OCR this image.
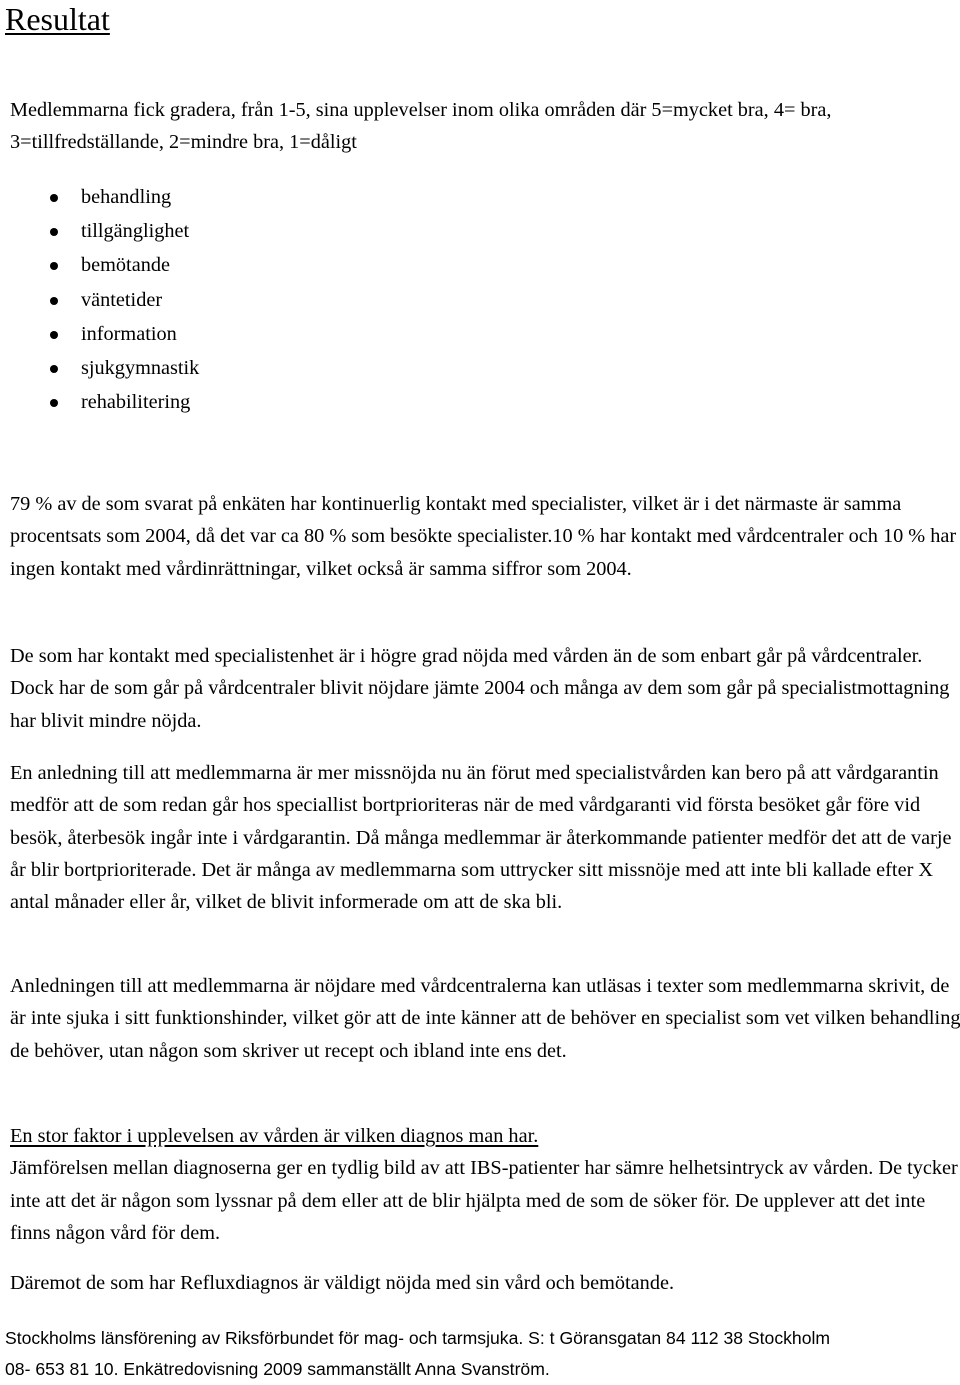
Resultat

Medlemmarna fick gradera, från 1-5, sina upplevelser inom olika områden där 5=mycket bra, 4= bra, 3=tillfredställande, 2=mindre bra, 1=dåligt

behandling
tillgänglighet
bemötande
väntetider
information
sjukgymnastik
rehabilitering

79 % av de som svarat på enkäten har kontinuerlig kontakt med specialister, vilket är i det närmaste är samma procentsats som 2004, då det var ca 80 % som besökte specialister.10 % har kontakt med vårdcentraler och 10 % har ingen kontakt med vårdinrättningar, vilket också är samma siffror som 2004.

De som har kontakt med specialistenhet är i högre grad nöjda med vården än de som enbart går på vårdcentraler. Dock har de som går på vårdcentraler blivit nöjdare jämte 2004 och många av dem som går på specialistmottagning har blivit mindre nöjda.

En anledning till att medlemmarna är mer missnöjda nu än förut med specialistvården kan bero på att vårdgarantin medför att de som redan går hos speciallist bortprioriteras när de med vårdgaranti vid första besöket går före vid besök, återbesök ingår inte i vårdgarantin. Då många medlemmar är återkommande patienter medför det att de varje år blir bortprioriterade. Det är många av medlemmarna som uttrycker sitt missnöje med att inte bli kallade efter X antal månader eller år, vilket de blivit informerade om att de ska bli.

Anledningen till att medlemmarna är nöjdare med vårdcentralerna kan utläsas i texter som medlemmarna skrivit, de är inte sjuka i sitt funktionshinder, vilket gör att de inte känner att de behöver en specialist som vet vilken behandling de behöver, utan någon som skriver ut recept och ibland inte ens det.

En stor faktor i upplevelsen av vården är vilken diagnos man har.
Jämförelsen mellan diagnoserna ger en tydlig bild av att IBS-patienter har sämre helhetsintryck av vården. De tycker inte att det är någon som lyssnar på dem eller att de blir hjälpta med de som de söker för. De upplever att det inte finns någon vård för dem.

Däremot de som har Refluxdiagnos är väldigt nöjda med sin vård och bemötande.

Stockholms länsförening av Riksförbundet för mag- och tarmsjuka. S: t Göransgatan 84 112 38 Stockholm
08- 653 81 10. Enkätredovisning 2009 sammanställt Anna Svanström.
